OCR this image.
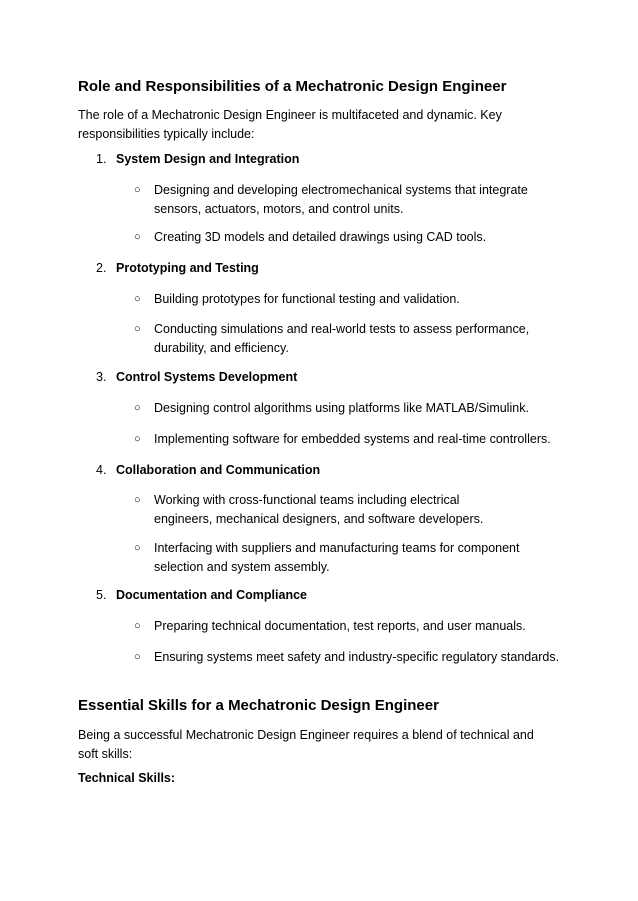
Role and Responsibilities of a Mechatronic Design Engineer

The role of a Mechatronic Design Engineer is multifaceted and dynamic. Key responsibilities typically include:

1. System Design and Integration
○ Designing and developing electromechanical systems that integrate sensors, actuators, motors, and control units.
○ Creating 3D models and detailed drawings using CAD tools.
2. Prototyping and Testing
○ Building prototypes for functional testing and validation.
○ Conducting simulations and real-world tests to assess performance, durability, and efficiency.
3. Control Systems Development
○ Designing control algorithms using platforms like MATLAB/Simulink.
○ Implementing software for embedded systems and real-time controllers.
4. Collaboration and Communication
○ Working with cross-functional teams including electrical engineers, mechanical designers, and software developers.
○ Interfacing with suppliers and manufacturing teams for component selection and system assembly.
5. Documentation and Compliance
○ Preparing technical documentation, test reports, and user manuals.
○ Ensuring systems meet safety and industry-specific regulatory standards.
Essential Skills for a Mechatronic Design Engineer

Being a successful Mechatronic Design Engineer requires a blend of technical and soft skills:

Technical Skills:
